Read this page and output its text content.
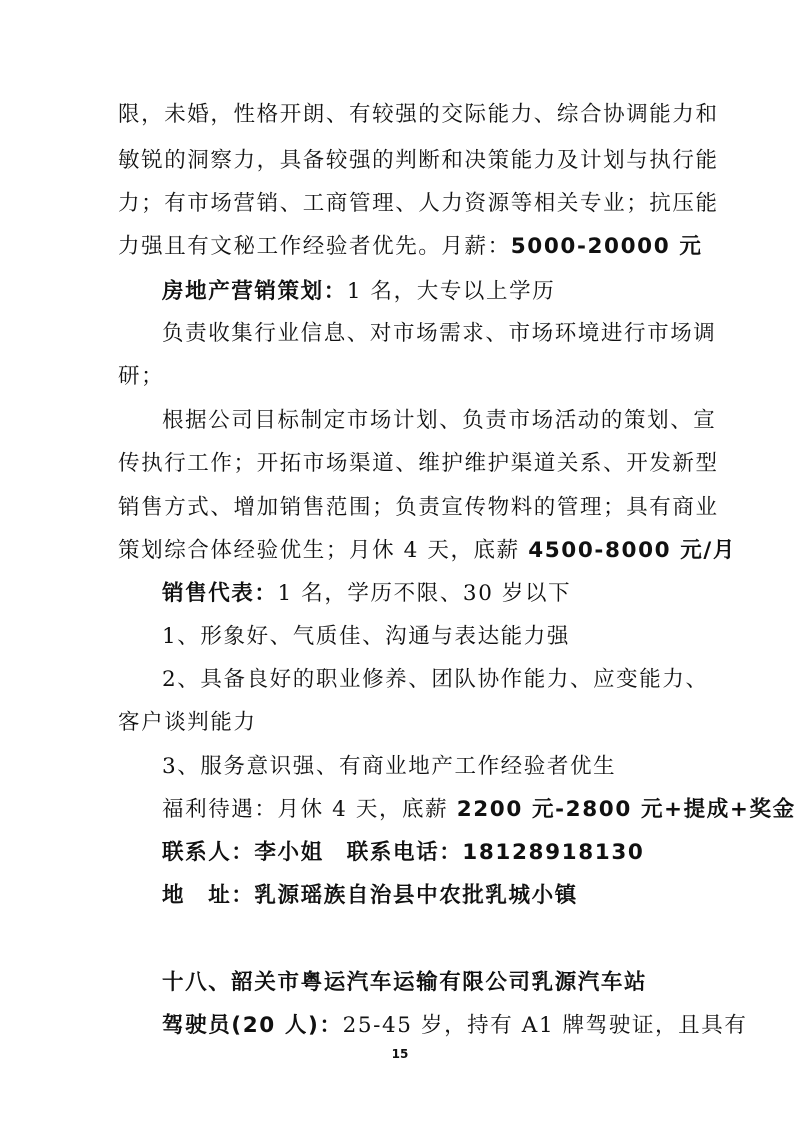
限，未婚，性格开朗、有较强的交际能力、综合协调能力和
敏锐的洞察力，具备较强的判断和决策能力及计划与执行能
力；有市场营销、工商管理、人力资源等相关专业；抗压能
力强且有文秘工作经验者优先。月薪：5000-20000 元
房地产营销策划：1 名，大专以上学历
负责收集行业信息、对市场需求、市场环境进行市场调
研；
根据公司目标制定市场计划、负责市场活动的策划、宣
传执行工作；开拓市场渠道、维护维护渠道关系、开发新型
销售方式、增加销售范围；负责宣传物料的管理；具有商业
策划综合体经验优生；月休 4 天，底薪 4500-8000 元/月
销售代表：1 名，学历不限、30 岁以下
1、形象好、气质佳、沟通与表达能力强
2、具备良好的职业修养、团队协作能力、应变能力、
客户谈判能力
3、服务意识强、有商业地产工作经验者优生
福利待遇：月休 4 天，底薪 2200 元-2800 元+提成+奖金
联系人：李小姐　联系电话：18128918130
地　址：乳源瑶族自治县中农批乳城小镇
十八、韶关市粤运汽车运输有限公司乳源汽车站
驾驶员(20 人)：25-45 岁，持有 A1 牌驾驶证，且具有
15
